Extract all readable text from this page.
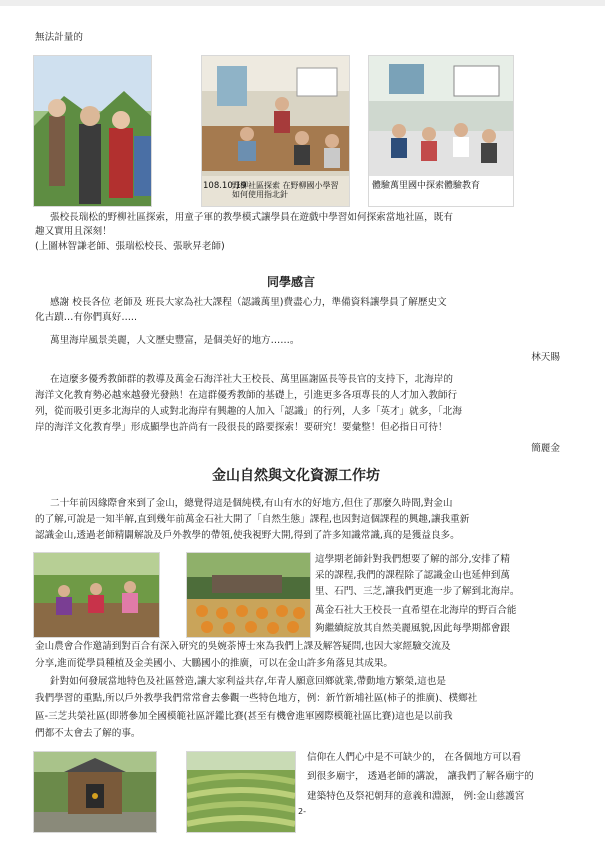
無法計量的
108.10.19
野柳社區探索 在野柳國小學習如何使用指北針
體驗萬里國中探索體驗教育
張校長瑞松的野柳社區探索，用童子軍的教學模式讓學員在遊戲中學習如何探索當地社區，既有
趣又實用且深刻！
(上圖林智謙老師、張瑞松校長、張耿昇老師)
同學感言
感謝 校長各位 老師及 班長大家為社大課程（認識萬里)費盡心力，準備資料讓學員了解歷史文
化古蹟…有你們真好…..
萬里海岸風景美麗，人文歷史豐富，是個美好的地方……。
林天賜
在這麼多優秀教師群的教導及萬金石海洋社大王校長、萬里區謝區長等長官的支持下，北海岸的
海洋文化教育勢必越來越發光發熱！在這群優秀教師的基礎上，引進更多各項專長的人才加入教師行
列，從而吸引更多北海岸的人或對北海岸有興趣的人加入「認識」的行列，人多「英才」就多，「北海
岸的海洋文化教育學」形成顯學也許尚有一段很長的路要探索！要研究！要彙整！但必指日可待！
簡麗金
金山自然與文化資源工作坊
二十年前因緣際會來到了金山，總覺得這是個純樸,有山有水的好地方,但住了那麼久時間,對金山
的了解,可說是一知半解,直到幾年前萬金石社大開了「自然生態」課程,也因對這個課程的興趣,讓我重新
認識金山,透過老師精闢解說及戶外教學的帶領,使我視野大開,得到了許多知識常識,真的是獲益良多。
這學期老師針對我們想要了解的部分,安排了精
采的課程,我們的課程除了認識金山也延伸到萬
里、石門、三芝,讓我們更進一步了解到北海岸。
萬金石社大王校長一直希望在北海岸的野百合能
夠繼續綻放其自然美麗風貌,因此每學期都會跟
金山農會合作邀請到對百合有深入研究的吳婉荼博士來為我們上課及解答疑問,也因大家經驗交流及
分享,進而從學員種植及金美國小、大鵬國小的推廣，可以在金山許多角落見其成果。
針對如何發展當地特色及社區營造,讓大家利益共存,年青人願意回鄉就業,帶動地方繁榮,這也是
我們學習的重點,所以戶外教學我們常常會去參觀一些特色地方，例：新竹新埔社區(柿子的推廣)、樸鄉社
區-三芝共榮社區(即將參加全國模範社區評鑑比賽(甚至有機會進軍國際模範社區比賽)這也是以前我
們都不太會去了解的事。
信仰在人們心中是不可缺少的， 在各個地方可以看
到很多廟宇， 透過老師的講說， 讓我們了解各廟宇的
建築特色及祭祀朝拜的意義和淵源， 例:金山慈護宮
2-
